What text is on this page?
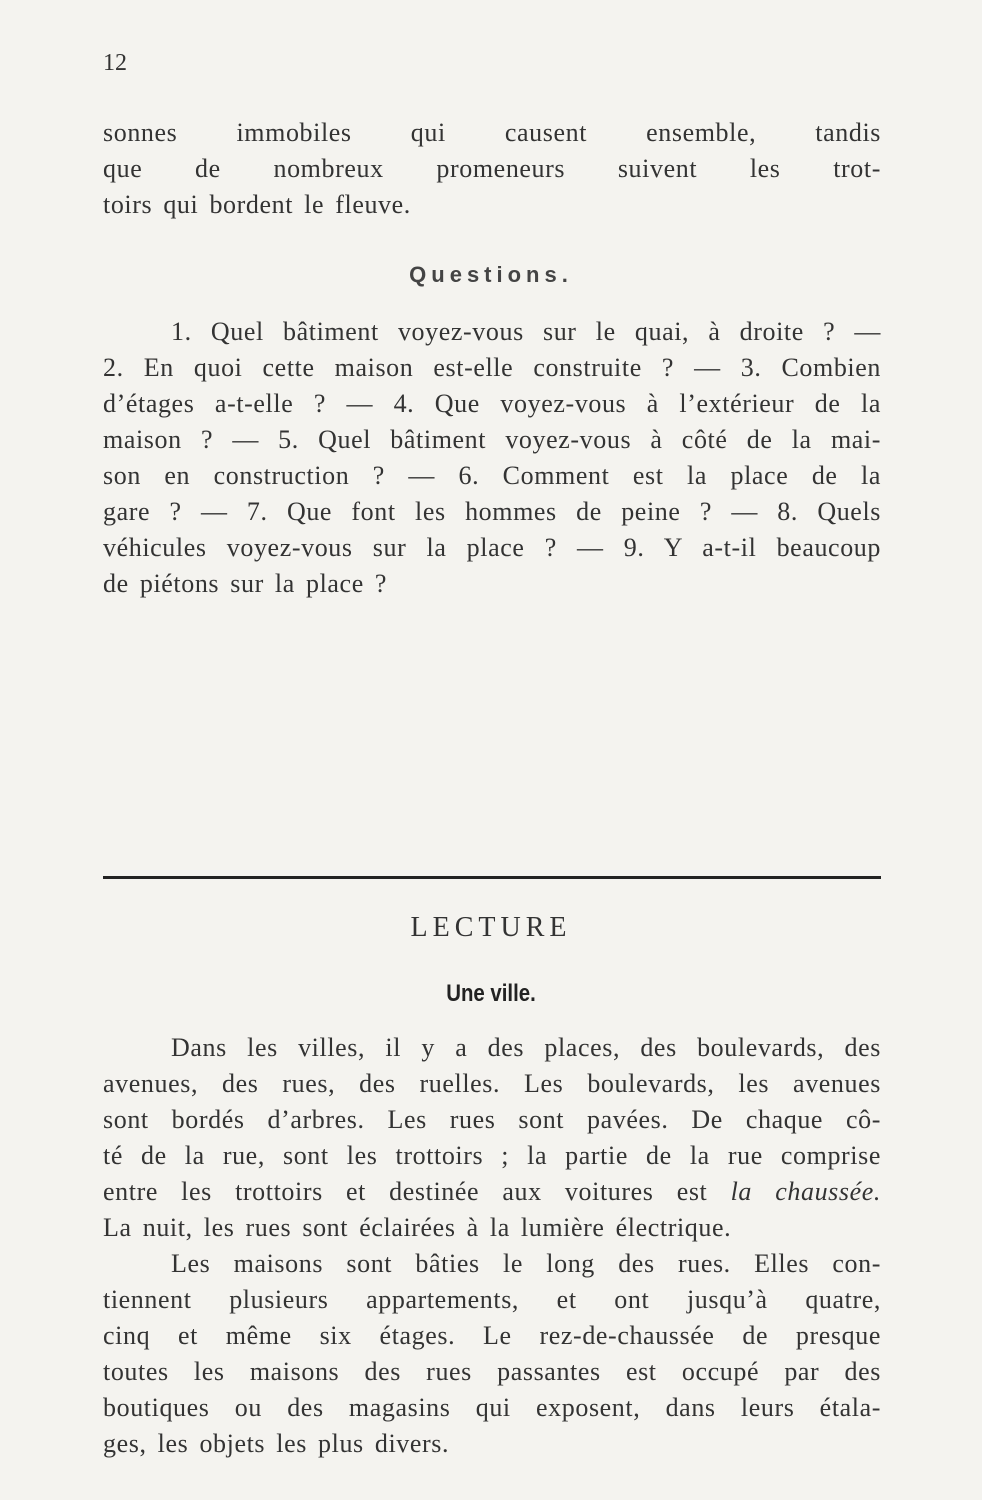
12
sonnes immobiles qui causent ensemble, tandis
que de nombreux promeneurs suivent les trot-
toirs qui bordent le fleuve.
Questions.
1. Quel bâtiment voyez-vous sur le quai, à droite ? —
2. En quoi cette maison est-elle construite ? — 3. Combien
d’étages a-t-elle ? — 4. Que voyez-vous à l’extérieur de la
maison ? — 5. Quel bâtiment voyez-vous à côté de la mai-
son en construction ? — 6. Comment est la place de la
gare ? — 7. Que font les hommes de peine ? — 8. Quels
véhicules voyez-vous sur la place ? — 9. Y a-t-il beaucoup
de piétons sur la place ?
LECTURE
Une ville.
Dans les villes, il y a des places, des boulevards, des
avenues, des rues, des ruelles. Les boulevards, les avenues
sont bordés d’arbres. Les rues sont pavées. De chaque cô-
té de la rue, sont les trottoirs ; la partie de la rue comprise
entre les trottoirs et destinée aux voitures est la chaussée.
La nuit, les rues sont éclairées à la lumière électrique.
Les maisons sont bâties le long des rues. Elles con-
tiennent plusieurs appartements, et ont jusqu’à quatre,
cinq et même six étages. Le rez-de-chaussée de presque
toutes les maisons des rues passantes est occupé par des
boutiques ou des magasins qui exposent, dans leurs étala-
ges, les objets les plus divers.
